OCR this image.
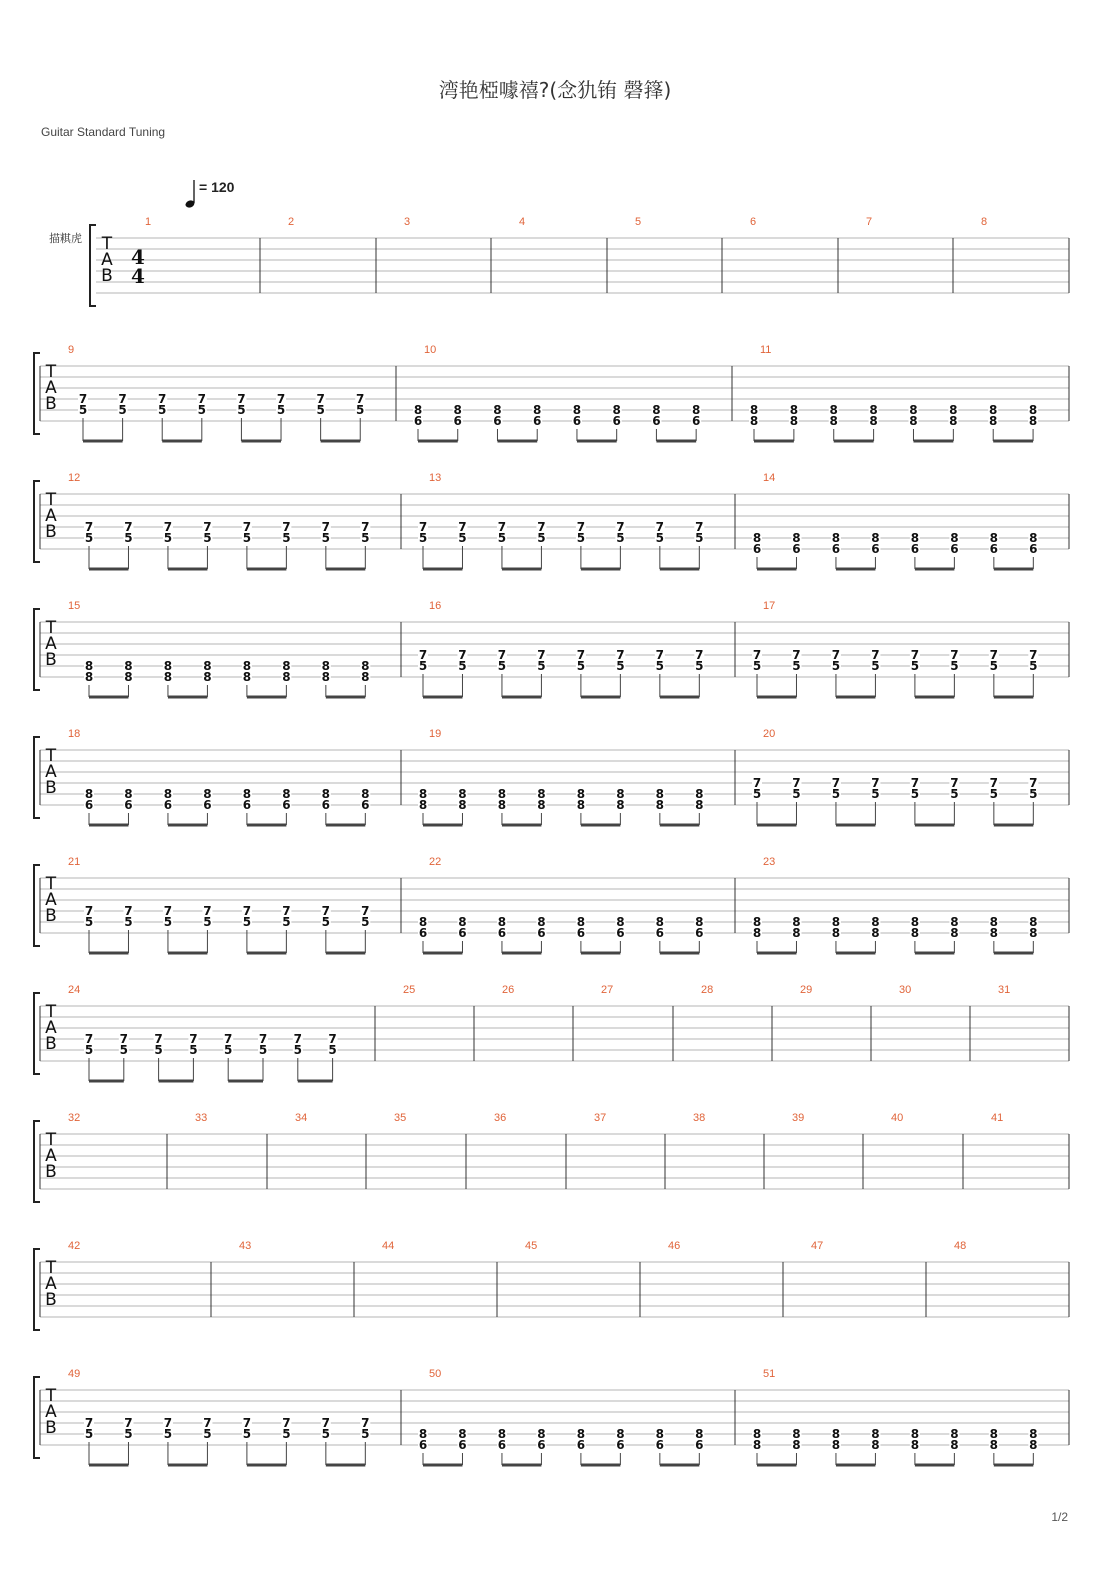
湾艳椏噱禧?(念犰铕 磬箨)
Guitar Standard Tuning
= 120
描粸虎 T
A
B
4
4
1	2	3	4	5	6	7	8
T
A
B
9
7
5
7
5
7
5
7
5
7
5
7
5
7
5
7
5
10
8
6
8
6
8
6
8
6
8
6
8
6
8
6
8
6
11
8
8
8
8
8
8
8
8
8
8
8
8
8
8
8
8
T
A
B
12
7
5
7
5
7
5
7
5
7
5
7
5
7
5
7
5
13
7
5
7
5
7
5
7
5
7
5
7
5
7
5
7
5
14
8
6
8
6
8
6
8
6
8
6
8
6
8
6
8
6
T
A
B
15
8
8
8
8
8
8
8
8
8
8
8
8
8
8
8
8
16
7
5
7
5
7
5
7
5
7
5
7
5
7
5
7
5
17
7
5
7
5
7
5
7
5
7
5
7
5
7
5
7
5
T
A
B
18
8
6
8
6
8
6
8
6
8
6
8
6
8
6
8
6
19
8
8
8
8
8
8
8
8
8
8
8
8
8
8
8
8
20
7
5
7
5
7
5
7
5
7
5
7
5
7
5
7
5
T
A
B
21
7
5
7
5
7
5
7
5
7
5
7
5
7
5
7
5
22
8
6
8
6
8
6
8
6
8
6
8
6
8
6
8
6
23
8
8
8
8
8
8
8
8
8
8
8
8
8
8
8
8
T
A
B
24
7
5
7
5
7
5
7
5
7
5
7
5
7
5
7
5
25	26	27	28	29	30	31
T
A
B
32	33	34	35	36	37	38	39	40	41
T
A
B
42	43	44	45	46	47	48
T
A
B
49
7
5
7
5
7
5
7
5
7
5
7
5
7
5
7
5
50
8
6
8
6
8
6
8
6
8
6
8
6
8
6
8
6
51
8
8
8
8
8
8
8
8
8
8
8
8
8
8
8
8
1/2
